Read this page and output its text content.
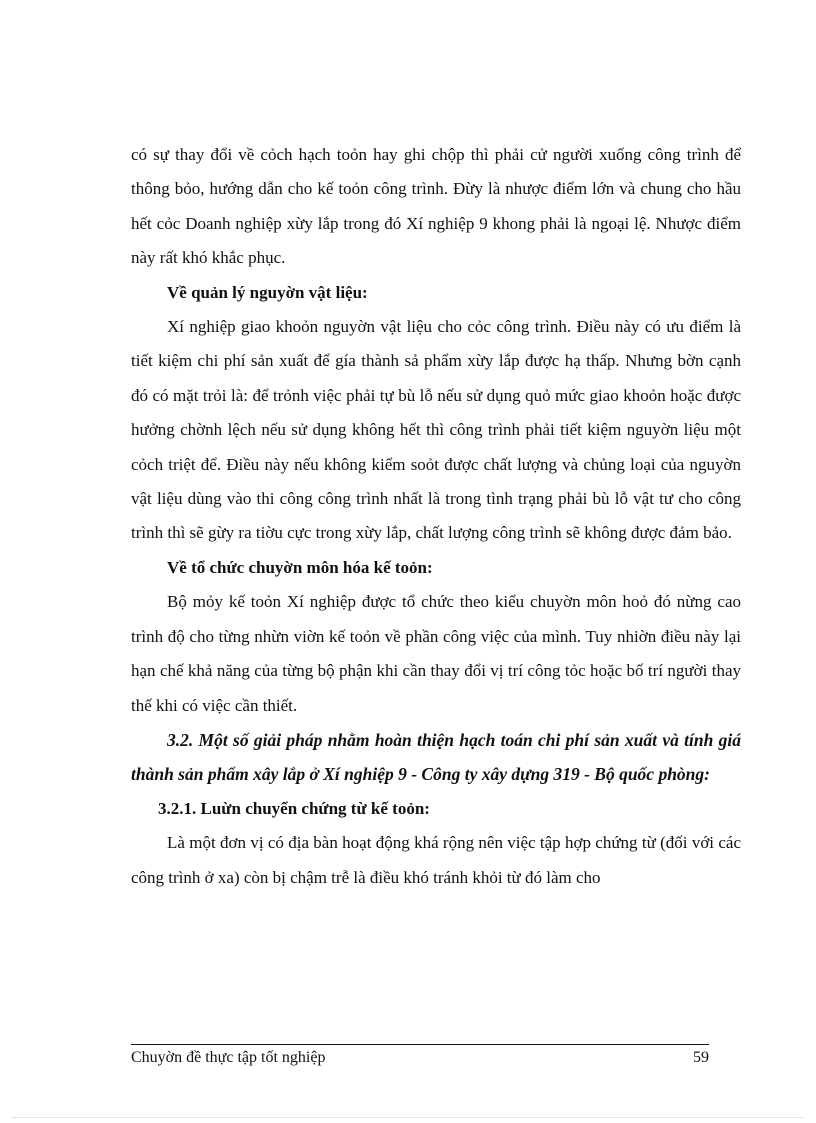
có sự thay đổi về cỏch hạch toỏn hay ghi chộp thì phải cử người xuống công trình để thông bỏo, hướng dẫn cho kế toỏn công trình. Đừy là nhược điểm lớn và chung cho hầu hết cỏc Doanh nghiệp xừy lắp trong đó Xí nghiệp 9 khong phải là ngoại lệ. Nhược điểm này rất khó khắc phục.

Về quản lý nguyờn vật liệu:

Xí nghiệp giao khoỏn nguyờn vật liệu cho cỏc công trình. Điều này có ưu điểm là tiết kiệm chi phí sản xuất để gía thành sả phẩm xừy lắp được hạ thấp. Nhưng bờn cạnh đó có mặt trỏi là: để trỏnh việc phải tự bù lỗ nếu sử dụng quỏ mức giao khoỏn hoặc được hưởng chờnh lệch nếu sử dụng không hết thì công trình phải tiết kiệm nguyờn liệu một cỏch triệt để. Điều này nếu không kiểm soỏt được chất lượng và chủng loại của nguyờn vật liệu dùng vào thi công công trình nhất là trong tình trạng phải bù lỗ vật tư cho công trình thì sẽ gừy ra tiờu cực trong xừy lắp, chất lượng công trình sẽ không được đảm bảo.

Về tổ chức chuyờn môn hóa kế toỏn:

Bộ mỏy kế toỏn Xí nghiệp được tổ chức theo kiểu chuyờn môn hoỏ đó nừng cao trình độ cho từng nhừn viờn kế toỏn về phần công việc của mình. Tuy nhiờn điều này lại hạn chế khả năng của từng bộ phận khi cần thay đổi vị trí công tỏc hoặc bố trí người thay thế khi có việc cần thiết.

3.2. Một số giải pháp nhằm hoàn thiện hạch toán chi phí sản xuất và tính giá thành sản phẩm xây lắp ở Xí nghiệp 9 - Công ty xây dựng 319 - Bộ quốc phòng:

3.2.1. Luừn chuyển chứng từ kế toỏn:

Là một đơn vị có địa bàn hoạt động khá rộng nên việc tập hợp chứng từ (đối với các công trình ở xa) còn bị chậm trễ là điều khó tránh khỏi từ đó làm cho

Chuyờn đề thực tập tốt nghiệp	59
